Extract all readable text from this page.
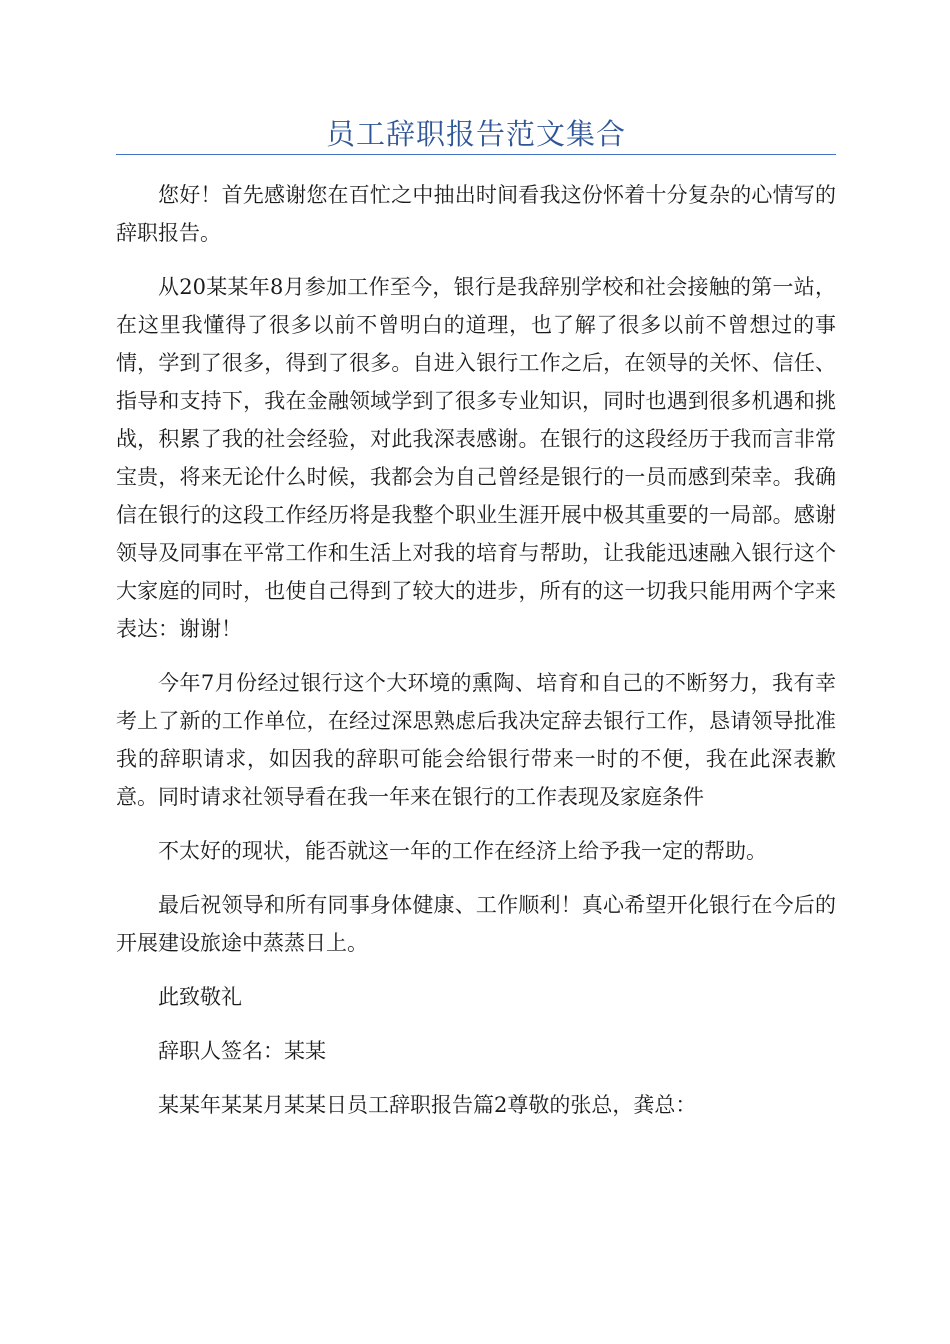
员工辞职报告范文集合

您好！首先感谢您在百忙之中抽出时间看我这份怀着十分复杂的心情写的辞职报告。

从20某某年8月参加工作至今，银行是我辞别学校和社会接触的第一站，在这里我懂得了很多以前不曾明白的道理，也了解了很多以前不曾想过的事情，学到了很多，得到了很多。自进入银行工作之后，在领导的关怀、信任、指导和支持下，我在金融领域学到了很多专业知识，同时也遇到很多机遇和挑战，积累了我的社会经验，对此我深表感谢。在银行的这段经历于我而言非常宝贵，将来无论什么时候，我都会为自己曾经是银行的一员而感到荣幸。我确信在银行的这段工作经历将是我整个职业生涯开展中极其重要的一局部。感谢领导及同事在平常工作和生活上对我的培育与帮助，让我能迅速融入银行这个大家庭的同时，也使自己得到了较大的进步，所有的这一切我只能用两个字来表达：谢谢！

今年7月份经过银行这个大环境的熏陶、培育和自己的不断努力，我有幸考上了新的工作单位，在经过深思熟虑后我决定辞去银行工作，恳请领导批准我的辞职请求，如因我的辞职可能会给银行带来一时的不便，我在此深表歉意。同时请求社领导看在我一年来在银行的工作表现及家庭条件

不太好的现状，能否就这一年的工作在经济上给予我一定的帮助。

最后祝领导和所有同事身体健康、工作顺利！真心希望开化银行在今后的开展建设旅途中蒸蒸日上。

此致敬礼

辞职人签名：某某

某某年某某月某某日员工辞职报告篇2尊敬的张总，龚总：
